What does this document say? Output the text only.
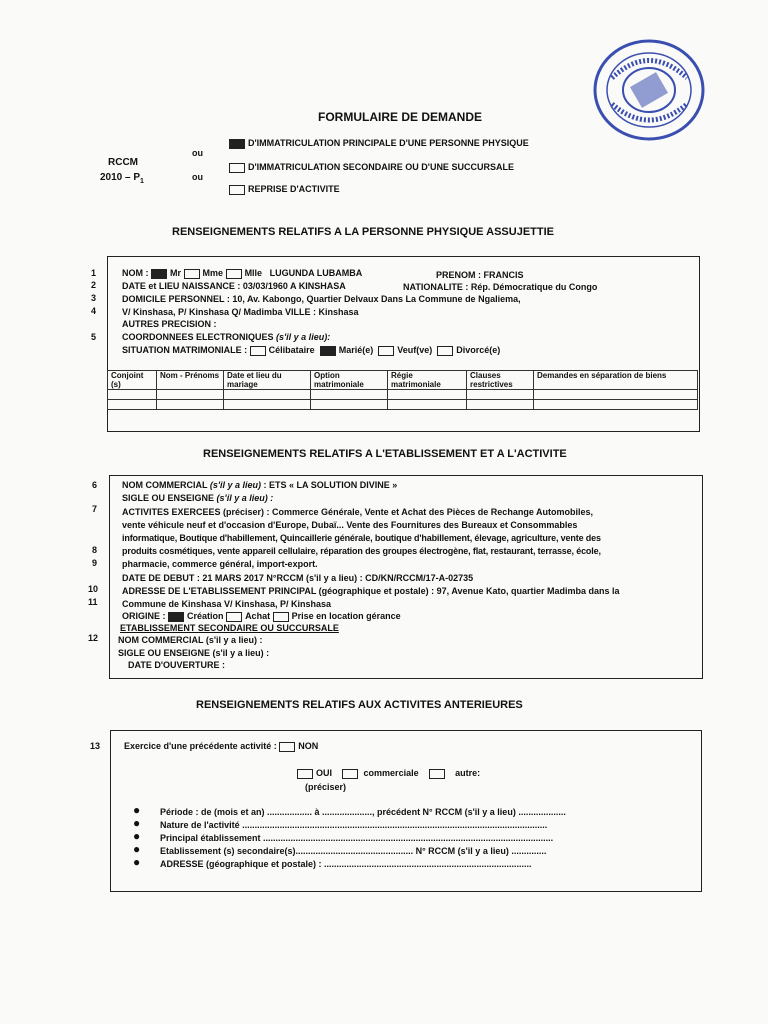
FORMULAIRE DE DEMANDE
D'IMMATRICULATION PRINCIPALE D'UNE PERSONNE PHYSIQUE
ou
RCCM	D'IMMATRICULATION SECONDAIRE OU D'UNE SUCCURSALE
$2010 - P_1$	ou
REPRISE D'ACTIVITE
RENSEIGNEMENTS RELATIFS A LA PERSONNE PHYSIQUE ASSUJETTIE
1
2
3
4
5
NOM : Mr Mme Mlle LUGUNDA LUBAMBA	PRENOM : FRANCIS
DATE et LIEU NAISSANCE : 03/03/1960 A KINSHASA	NATIONALITE : Rép. Démocratique du Congo
DOMICILE PERSONNEL : 10, Av. Kabongo, Quartier Delvaux Dans La Commune de Ngaliema,
V/ Kinshasa, P/ Kinshasa Q/ Madimba VILLE : Kinshasa
AUTRES PRECISION :
COORDONNEES ELECTRONIQUES (s'il y a lieu):
SITUATION MATRIMONIALE : Célibataire	Marié(e)	Veuf(ve)	Divorcé(e)
Conjoint (s)	Nom - Prénoms	Date et lieu du mariage	Option matrimoniale	Régie matrimoniale	Clauses restrictives	Demandes en séparation de biens

RENSEIGNEMENTS RELATIFS A L'ETABLISSEMENT ET A L'ACTIVITE
6
7
8
9
10
11
12
NOM COMMERCIAL (s'il y a lieu) : ETS « LA SOLUTION DIVINE »
SIGLE OU ENSEIGNE (s'il y a lieu) :
ACTIVITES EXERCEES (préciser) : Commerce Générale, Vente et Achat des Pièces de Rechange Automobiles,
vente véhicule neuf et d'occasion d'Europe, Dubaï... Vente des Fournitures des Bureaux et Consommables
informatique, Boutique d'habillement, Quincaillerie générale, boutique d'habillement, élevage, agriculture, vente des
produits cosmétiques, vente appareil cellulaire, réparation des groupes électrogène, flat, restaurant, terrasse, école,
pharmacie, commerce général, import-export.
DATE DE DEBUT : 21 MARS 2017 N°RCCM (s'il y a lieu) : CD/KN/RCCM/17-A-02735
ADRESSE DE L'ETABLISSEMENT PRINCIPAL (géographique et postale) : 97, Avenue Kato, quartier Madimba dans la
Commune de Kinshasa V/ Kinshasa, P/ Kinshasa
ORIGINE : Création Achat Prise en location gérance
ETABLISSEMENT SECONDAIRE OU SUCCURSALE
NOM COMMERCIAL (s'il y a lieu) :
SIGLE OU ENSEIGNE (s'il y a lieu) :
DATE D'OUVERTURE :
RENSEIGNEMENTS RELATIFS AUX ACTIVITES ANTERIEURES
13	Exercice d'une précédente activité : NON
OUI	commerciale	autre:
(préciser)
● Période : de (mois et an) .................. à ...................., précédent N° RCCM (s'il y a lieu) ...................
● Nature de l'activité ..........................................................................................................................
● Principal établissement ....................................................................................................................
● Etablissement (s) secondaire(s)............................................... N° RCCM (s'il y a lieu) ..............
● ADRESSE (géographique et postale) : ...................................................................................
